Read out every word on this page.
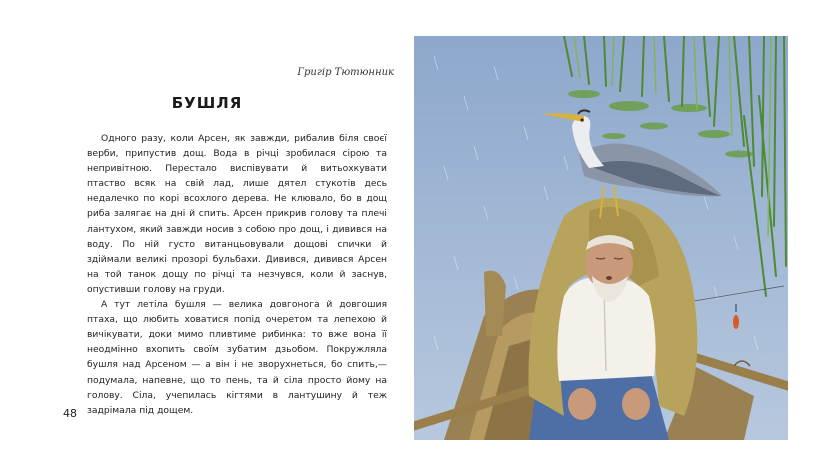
Григір Тютюнник
БУШЛЯ

Одного разу, коли Арсен, як завжди, рибалив біля своєї верби, припустив дощ. Вода в річці зробилася сірою та непривітною. Перестало виспівувати й витьохкувати птаство всяк на свій лад, лише дятел стукотів десь недалечко по корі всохлого дерева. Не клювало, бо в дощ риба залягає на дні й спить. Арсен прикрив голову та плечі лантухом, який завжди носив з собою про дощ, і дивився на воду. По ній густо витанцьовували дощові спички й здіймали великі прозорі бульбахи. Дивився, дивився Арсен на той танок дощу по річці та незчувся, коли й заснув, опустивши голову на груди.

А тут летіла бушля — велика довгонога й довгошия птаха, що любить ховатися попід очеретом та лепехою й вичікувати, доки мимо пливтиме рибинка: то вже вона її неодмінно вхопить своїм зубатим дзьобом. Покружляла бушля над Арсеном — а він і не зворухнеться, бо спить,— подумала, напевне, що то пень, та й сіла просто йому на голову. Сіла, учепилась кігтями в лантушину й теж задрімала під дощем.

48
